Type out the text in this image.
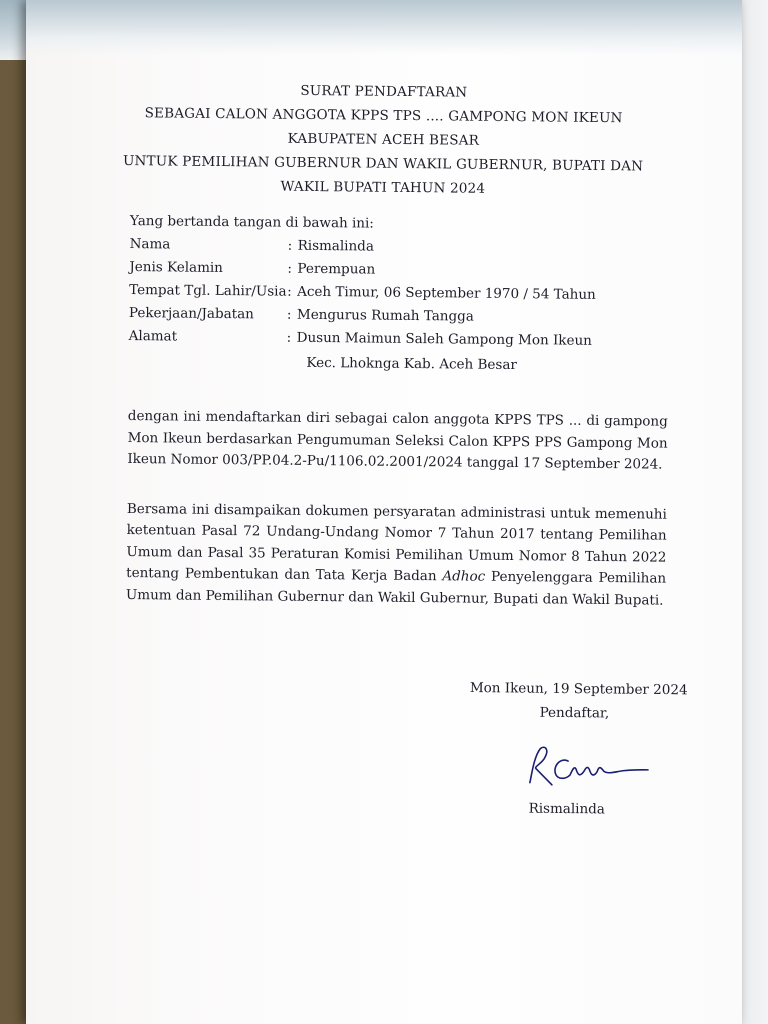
SURAT PENDAFTARAN
SEBAGAI CALON ANGGOTA KPPS TPS .... GAMPONG MON IKEUN
KABUPATEN ACEH BESAR
UNTUK PEMILIHAN GUBERNUR DAN WAKIL GUBERNUR, BUPATI DAN
WAKIL BUPATI TAHUN 2024
Yang bertanda tangan di bawah ini:
Nama	: Rismalinda
Jenis Kelamin	: Perempuan
Tempat Tgl. Lahir/Usia : Aceh Timur, 06 September 1970 / 54 Tahun
Pekerjaan/Jabatan	: Mengurus Rumah Tangga
Alamat	: Dusun Maimun Saleh Gampong Mon Ikeun
Kec. Lhoknga Kab. Aceh Besar

dengan ini mendaftarkan diri sebagai calon anggota KPPS TPS ... di gampong Mon Ikeun berdasarkan Pengumuman Seleksi Calon KPPS PPS Gampong Mon Ikeun Nomor 003/PP.04.2-Pu/1106.02.2001/2024 tanggal 17 September 2024.

Bersama ini disampaikan dokumen persyaratan administrasi untuk memenuhi ketentuan Pasal 72 Undang-Undang Nomor 7 Tahun 2017 tentang Pemilihan Umum dan Pasal 35 Peraturan Komisi Pemilihan Umum Nomor 8 Tahun 2022 tentang Pembentukan dan Tata Kerja Badan Adhoc Penyelenggara Pemilihan Umum dan Pemilihan Gubernur dan Wakil Gubernur, Bupati dan Wakil Bupati.

Mon Ikeun, 19 September 2024
Pendaftar,
Rismalinda
